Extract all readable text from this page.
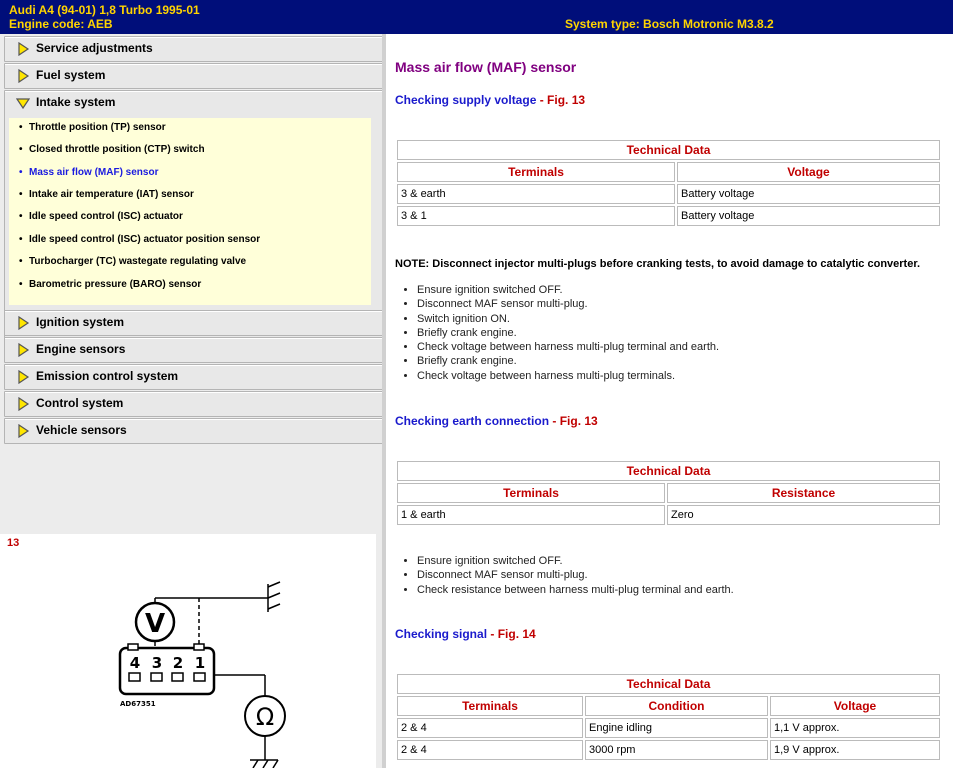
Audi A4 (94-01) 1,8 Turbo 1995-01
Engine code: AEB	System type: Bosch Motronic M3.8.2
Service adjustments
Fuel system
Intake system
• Throttle position (TP) sensor
• Closed throttle position (CTP) switch
• Mass air flow (MAF) sensor
• Intake air temperature (IAT) sensor
• Idle speed control (ISC) actuator
• Idle speed control (ISC) actuator position sensor
• Turbocharger (TC) wastegate regulating valve
• Barometric pressure (BARO) sensor
Ignition system
Engine sensors
Emission control system
Control system
Vehicle sensors
13
V
4 3 2 1
Ω
AD67351
Mass air flow (MAF) sensor
Checking supply voltage - Fig. 13
Technical Data	
Terminals	Voltage
3 & earth	Battery voltage
3 & 1	Battery voltage
NOTE: Disconnect injector multi-plugs before cranking tests, to avoid damage to catalytic converter.
• Ensure ignition switched OFF.
• Disconnect MAF sensor multi-plug.
• Switch ignition ON.
• Briefly crank engine.
• Check voltage between harness multi-plug terminal and earth.
• Briefly crank engine.
• Check voltage between harness multi-plug terminals.
Checking earth connection - Fig. 13
Technical Data	
Terminals	Resistance
1 & earth	Zero
• Ensure ignition switched OFF.
• Disconnect MAF sensor multi-plug.
• Check resistance between harness multi-plug terminal and earth.
Checking signal - Fig. 14
Technical Data		
Terminals	Condition	Voltage
2 & 4	Engine idling	1,1 V approx.
2 & 4	3000 rpm	1,9 V approx.
